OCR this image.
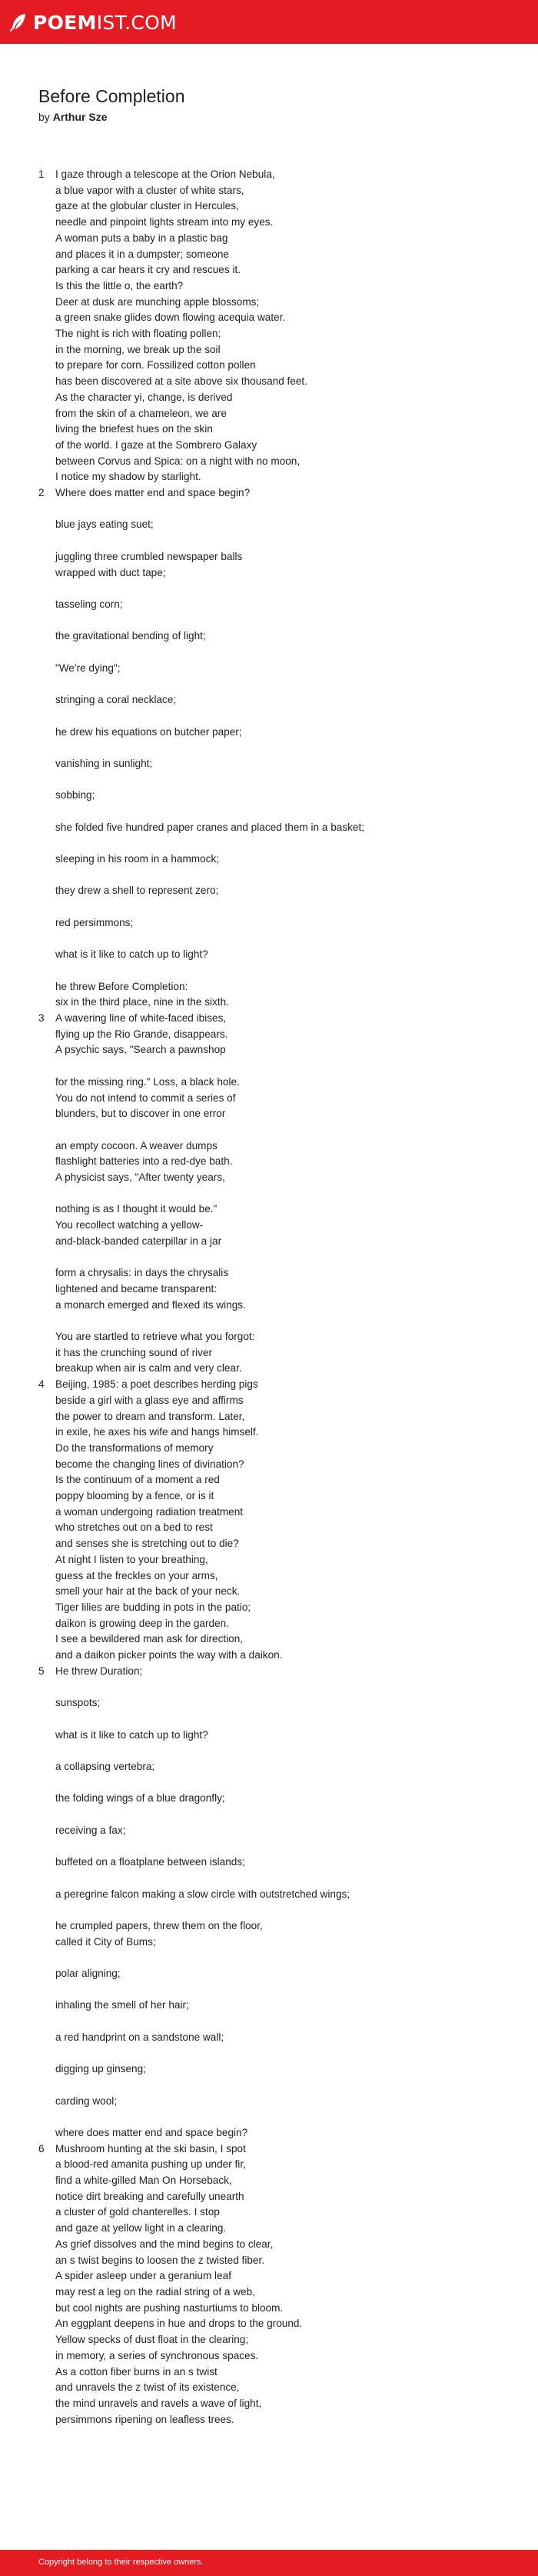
POEMIST.COM
Before Completion
by Arthur Sze
1	I gaze through a telescope at the Orion Nebula,
a blue vapor with a cluster of white stars,
gaze at the globular cluster in Hercules,
needle and pinpoint lights stream into my eyes.
A woman puts a baby in a plastic bag
and places it in a dumpster; someone
parking a car hears it cry and rescues it.
Is this the little o, the earth?
Deer at dusk are munching apple blossoms;
a green snake glides down flowing acequia water.
The night is rich with floating pollen;
in the morning, we break up the soil
to prepare for corn. Fossilized cotton pollen
has been discovered at a site above six thousand feet.
As the character yi, change, is derived
from the skin of a chameleon, we are
living the briefest hues on the skin
of the world. I gaze at the Sombrero Galaxy
between Corvus and Spica: on a night with no moon,
I notice my shadow by starlight.
2	Where does matter end and space begin?
blue jays eating suet;
juggling three crumbled newspaper balls
wrapped with duct tape;
tasseling corn;
the gravitational bending of light;
"We're dying";
stringing a coral necklace;
he drew his equations on butcher paper;
vanishing in sunlight;
sobbing;
she folded five hundred paper cranes and placed them in a basket;
sleeping in his room in a hammock;
they drew a shell to represent zero;
red persimmons;
what is it like to catch up to light?
he threw Before Completion:
six in the third place, nine in the sixth.
3	A wavering line of white-faced ibises,
flying up the Rio Grande, disappears.
A psychic says, "Search a pawnshop
for the missing ring." Loss, a black hole.
You do not intend to commit a series of
blunders, but to discover in one error
an empty cocoon. A weaver dumps
flashlight batteries into a red-dye bath.
A physicist says, "After twenty years,
nothing is as I thought it would be."
You recollect watching a yellow-
and-black-banded caterpillar in a jar
form a chrysalis: in days the chrysalis
lightened and became transparent:
a monarch emerged and flexed its wings.
You are startled to retrieve what you forgot:
it has the crunching sound of river
breakup when air is calm and very clear.
4	Beijing, 1985: a poet describes herding pigs
beside a girl with a glass eye and affirms
the power to dream and transform. Later,
in exile, he axes his wife and hangs himself.
Do the transformations of memory
become the changing lines of divination?
Is the continuum of a moment a red
poppy blooming by a fence, or is it
a woman undergoing radiation treatment
who stretches out on a bed to rest
and senses she is stretching out to die?
At night I listen to your breathing,
guess at the freckles on your arms,
smell your hair at the back of your neck.
Tiger lilies are budding in pots in the patio;
daikon is growing deep in the garden.
I see a bewildered man ask for direction,
and a daikon picker points the way with a daikon.
5	He threw Duration;
sunspots;
what is it like to catch up to light?
a collapsing vertebra;
the folding wings of a blue dragonfly;
receiving a fax;
buffeted on a floatplane between islands;
a peregrine falcon making a slow circle with outstretched wings;
he crumpled papers, threw them on the floor,
called it City of Bums;
polar aligning;
inhaling the smell of her hair;
a red handprint on a sandstone wall;
digging up ginseng;
carding wool;
where does matter end and space begin?
6	Mushroom hunting at the ski basin, I spot
a blood-red amanita pushing up under fir,
find a white-gilled Man On Horseback,
notice dirt breaking and carefully unearth
a cluster of gold chanterelles. I stop
and gaze at yellow light in a clearing.
As grief dissolves and the mind begins to clear,
an s twist begins to loosen the z twisted fiber.
A spider asleep under a geranium leaf
may rest a leg on the radial string of a web,
but cool nights are pushing nasturtiums to bloom.
An eggplant deepens in hue and drops to the ground.
Yellow specks of dust float in the clearing;
in memory, a series of synchronous spaces.
As a cotton fiber burns in an s twist
and unravels the z twist of its existence,
the mind unravels and ravels a wave of light,
persimmons ripening on leafless trees.
Copyright belong to their respective owners.
